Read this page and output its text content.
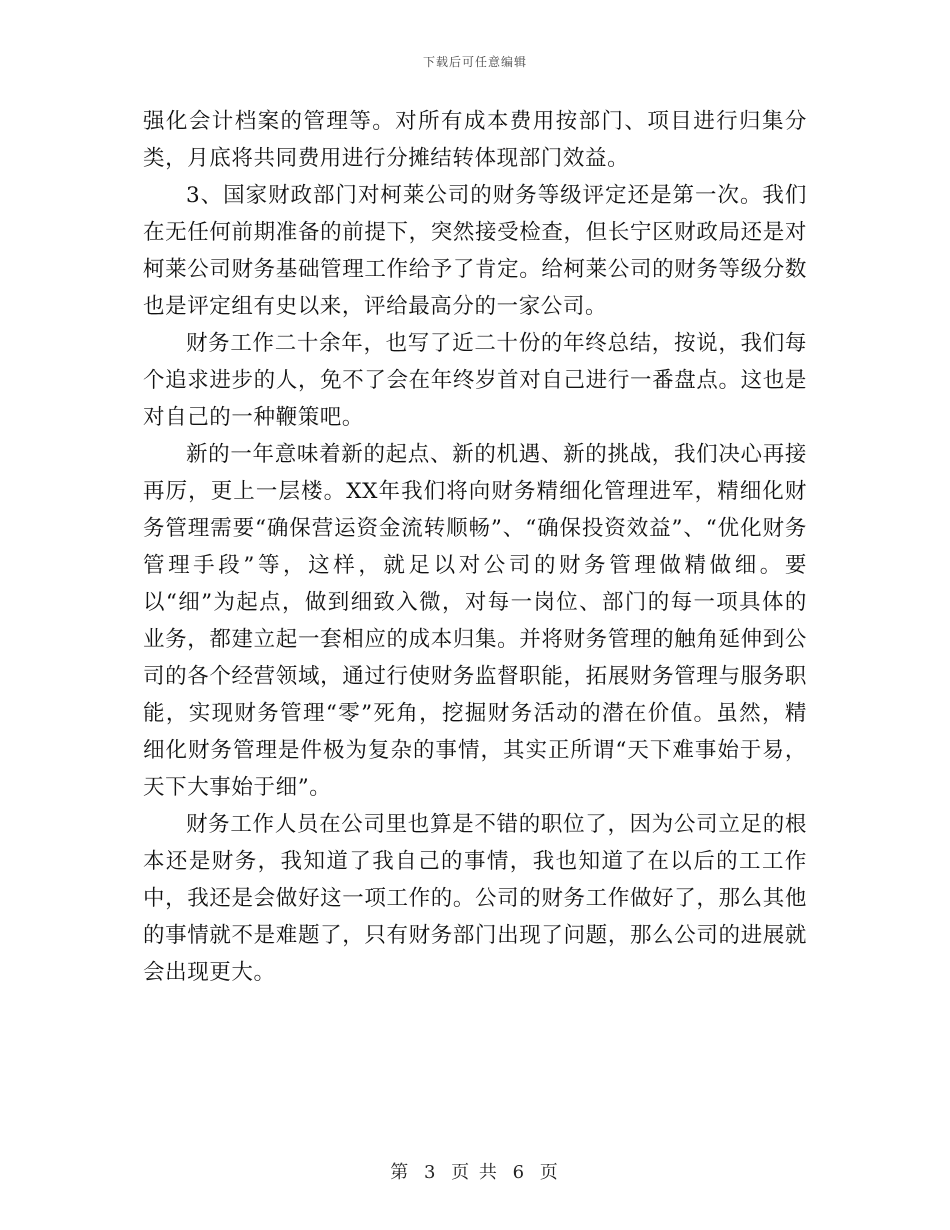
下载后可任意编辑

强化会计档案的管理等。对所有成本费用按部门、项目进行归集分类，月底将共同费用进行分摊结转体现部门效益。

3、国家财政部门对柯莱公司的财务等级评定还是第一次。我们在无任何前期准备的前提下，突然接受检查，但长宁区财政局还是对柯莱公司财务基础管理工作给予了肯定。给柯莱公司的财务等级分数也是评定组有史以来，评给最高分的一家公司。

财务工作二十余年，也写了近二十份的年终总结，按说，我们每个追求进步的人，免不了会在年终岁首对自己进行一番盘点。这也是对自己的一种鞭策吧。

新的一年意味着新的起点、新的机遇、新的挑战，我们决心再接再厉，更上一层楼。XX年我们将向财务精细化管理进军，精细化财务管理需要“确保营运资金流转顺畅”、“确保投资效益”、“优化财务管理手段”等，这样，就足以对公司的财务管理做精做细。要以“细”为起点，做到细致入微，对每一岗位、部门的每一项具体的业务，都建立起一套相应的成本归集。并将财务管理的触角延伸到公司的各个经营领域，通过行使财务监督职能，拓展财务管理与服务职能，实现财务管理“零”死角，挖掘财务活动的潜在价值。虽然，精细化财务管理是件极为复杂的事情，其实正所谓“天下难事始于易，天下大事始于细”。

财务工作人员在公司里也算是不错的职位了，因为公司立足的根本还是财务，我知道了我自己的事情，我也知道了在以后的工工作中，我还是会做好这一项工作的。公司的财务工作做好了，那么其他的事情就不是难题了，只有财务部门出现了问题，那么公司的进展就会出现更大。

第 3 页 共 6 页
